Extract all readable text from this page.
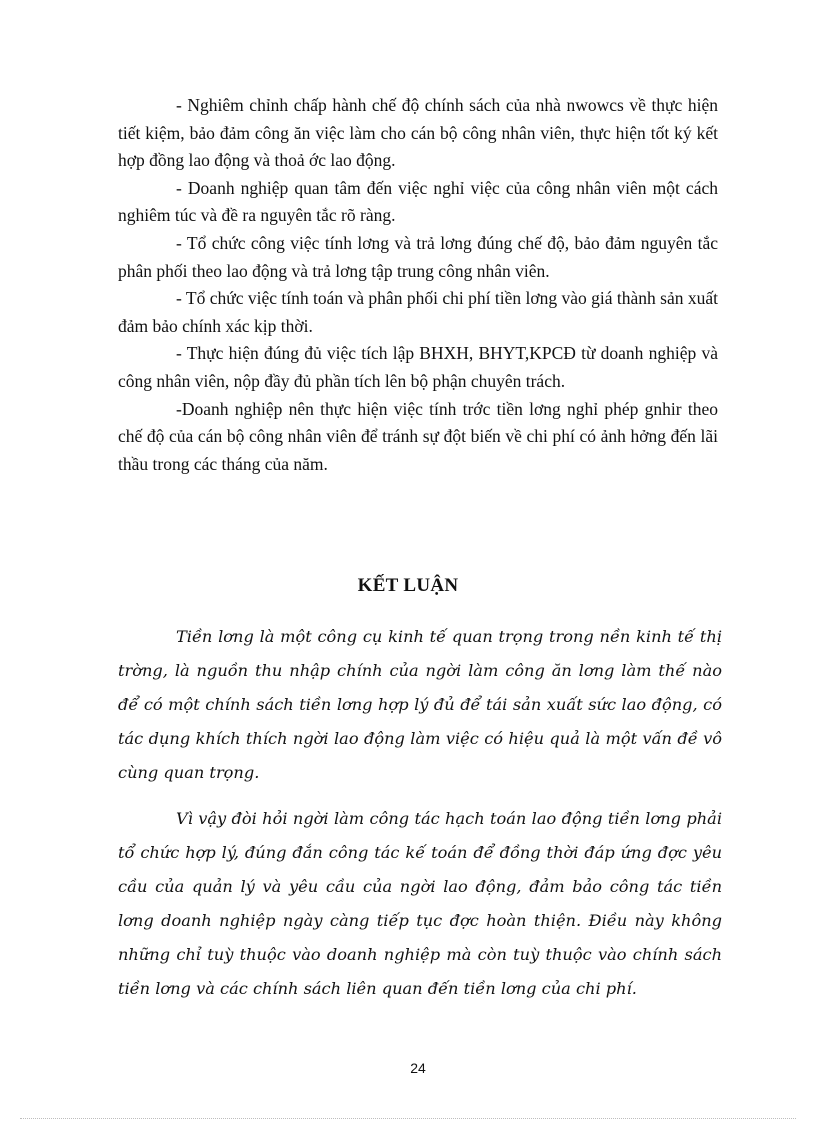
- Nghiêm chỉnh chấp hành chế độ chính sách của nhà nwowcs về thực hiện tiết kiệm, bảo đảm công ăn việc làm cho cán bộ công nhân viên, thực hiện tốt ký kết hợp đồng lao động và thoả ớc lao động.

- Doanh nghiệp quan tâm đến việc nghỉ việc của công nhân viên một cách nghiêm túc và đề ra nguyên tắc rõ ràng.

- Tổ chức công việc tính lơng và trả lơng đúng chế độ, bảo đảm nguyên tắc phân phối theo lao động và trả lơng tập trung công nhân viên.

- Tổ chức việc tính toán và phân phối chi phí tiền lơng vào giá thành sản xuất đảm bảo chính xác kịp thời.

- Thực hiện đúng đủ việc tích lập BHXH, BHYT,KPCĐ từ doanh nghiệp và công nhân viên, nộp đầy đủ phần tích lên bộ phận chuyên trách.

-Doanh nghiệp nên thực hiện việc tính trớc tiền lơng nghỉ phép gnhir theo chế độ của cán bộ công nhân viên để tránh sự đột biến về chi phí có ảnh hởng đến lãi thầu trong các tháng của năm.

KẾT LUẬN

Tiền lơng là một công cụ kinh tế quan trọng trong nền kinh tế thị trờng, là nguồn thu nhập chính của ngời làm công ăn lơng làm thế nào để có một chính sách tiền lơng hợp lý đủ để tái sản xuất sức lao động, có tác dụng khích thích ngời lao động làm việc có hiệu quả là một vấn đề vô cùng quan trọng.

Vì vậy đòi hỏi ngời làm công tác hạch toán lao động tiền lơng phải tổ chức hợp lý, đúng đắn công tác kế toán để đồng thời đáp ứng đợc yêu cầu của quản lý và yêu cầu của ngời lao động, đảm bảo công tác tiền lơng doanh nghiệp ngày càng tiếp tục đợc hoàn thiện. Điều này không những chỉ tuỳ thuộc vào doanh nghiệp mà còn tuỳ thuộc vào chính sách tiền lơng và các chính sách liên quan đến tiền lơng của chi phí.

24
